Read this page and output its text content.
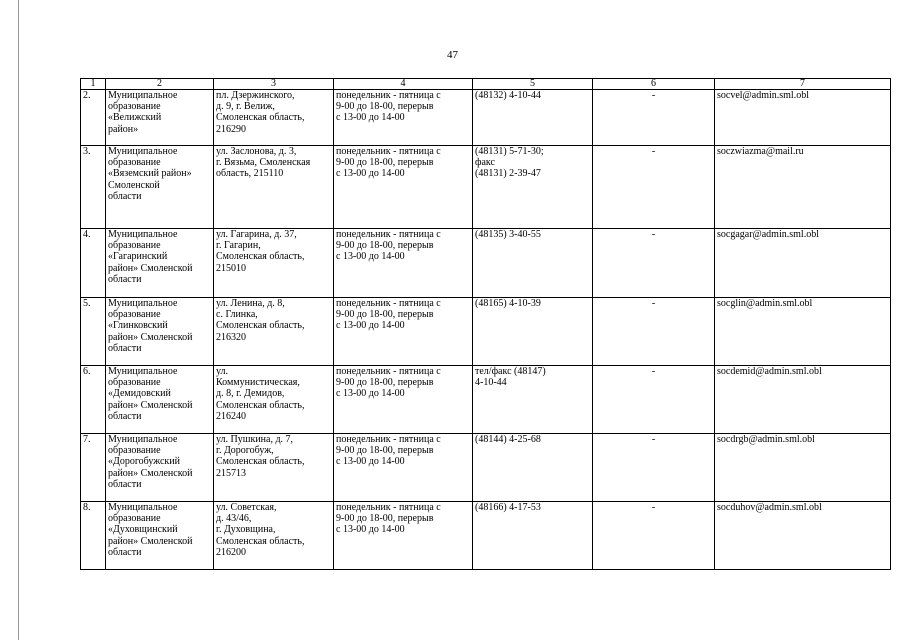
47
1	2	3	4	5	6	7
2.	Муниципальное
образование
«Велижский
район»	пл. Дзержинского,
д. 9, г. Велиж,
Смоленская область,
216290	понедельник - пятница с
9-00 до 18-00, перерыв
с 13-00 до 14-00	(48132) 4-10-44	-	socvel@admin.sml.obl
3.	Муниципальное
образование
«Вяземский район»
Смоленской
области	ул. Заслонова, д. 3,
г. Вязьма, Смоленская
область, 215110	понедельник - пятница с
9-00 до 18-00, перерыв
с 13-00 до 14-00	(48131) 5-71-30;
факс
(48131) 2-39-47	-	soczwiazma@mail.ru
4.	Муниципальное
образование
«Гагаринский
район» Смоленской
области	ул. Гагарина, д. 37,
г. Гагарин,
Смоленская область,
215010	понедельник - пятница с
9-00 до 18-00, перерыв
с 13-00 до 14-00	(48135) 3-40-55	-	socgagar@admin.sml.obl
5.	Муниципальное
образование
«Глинковский
район» Смоленской
области	ул. Ленина, д. 8,
с. Глинка,
Смоленская область,
216320	понедельник - пятница с
9-00 до 18-00, перерыв
с 13-00 до 14-00	(48165) 4-10-39	-	socglin@admin.sml.obl
6.	Муниципальное
образование
«Демидовский
район» Смоленской
области	ул.
Коммунистическая,
д. 8, г. Демидов,
Смоленская область,
216240	понедельник - пятница с
9-00 до 18-00, перерыв
с 13-00 до 14-00	тел/факс (48147)
4-10-44	-	socdemid@admin.sml.obl
7.	Муниципальное
образование
«Дорогобужский
район» Смоленской
области	ул. Пушкина, д. 7,
г. Дорогобуж,
Смоленская область,
215713	понедельник - пятница с
9-00 до 18-00, перерыв
с 13-00 до 14-00	(48144) 4-25-68	-	socdrgb@admin.sml.obl
8.	Муниципальное
образование
«Духовщинский
район» Смоленской
области	ул. Советская,
д. 43/46,
г. Духовщина,
Смоленская область,
216200	понедельник - пятница с
9-00 до 18-00, перерыв
с 13-00 до 14-00	(48166) 4-17-53	-	socduhov@admin.sml.obl
